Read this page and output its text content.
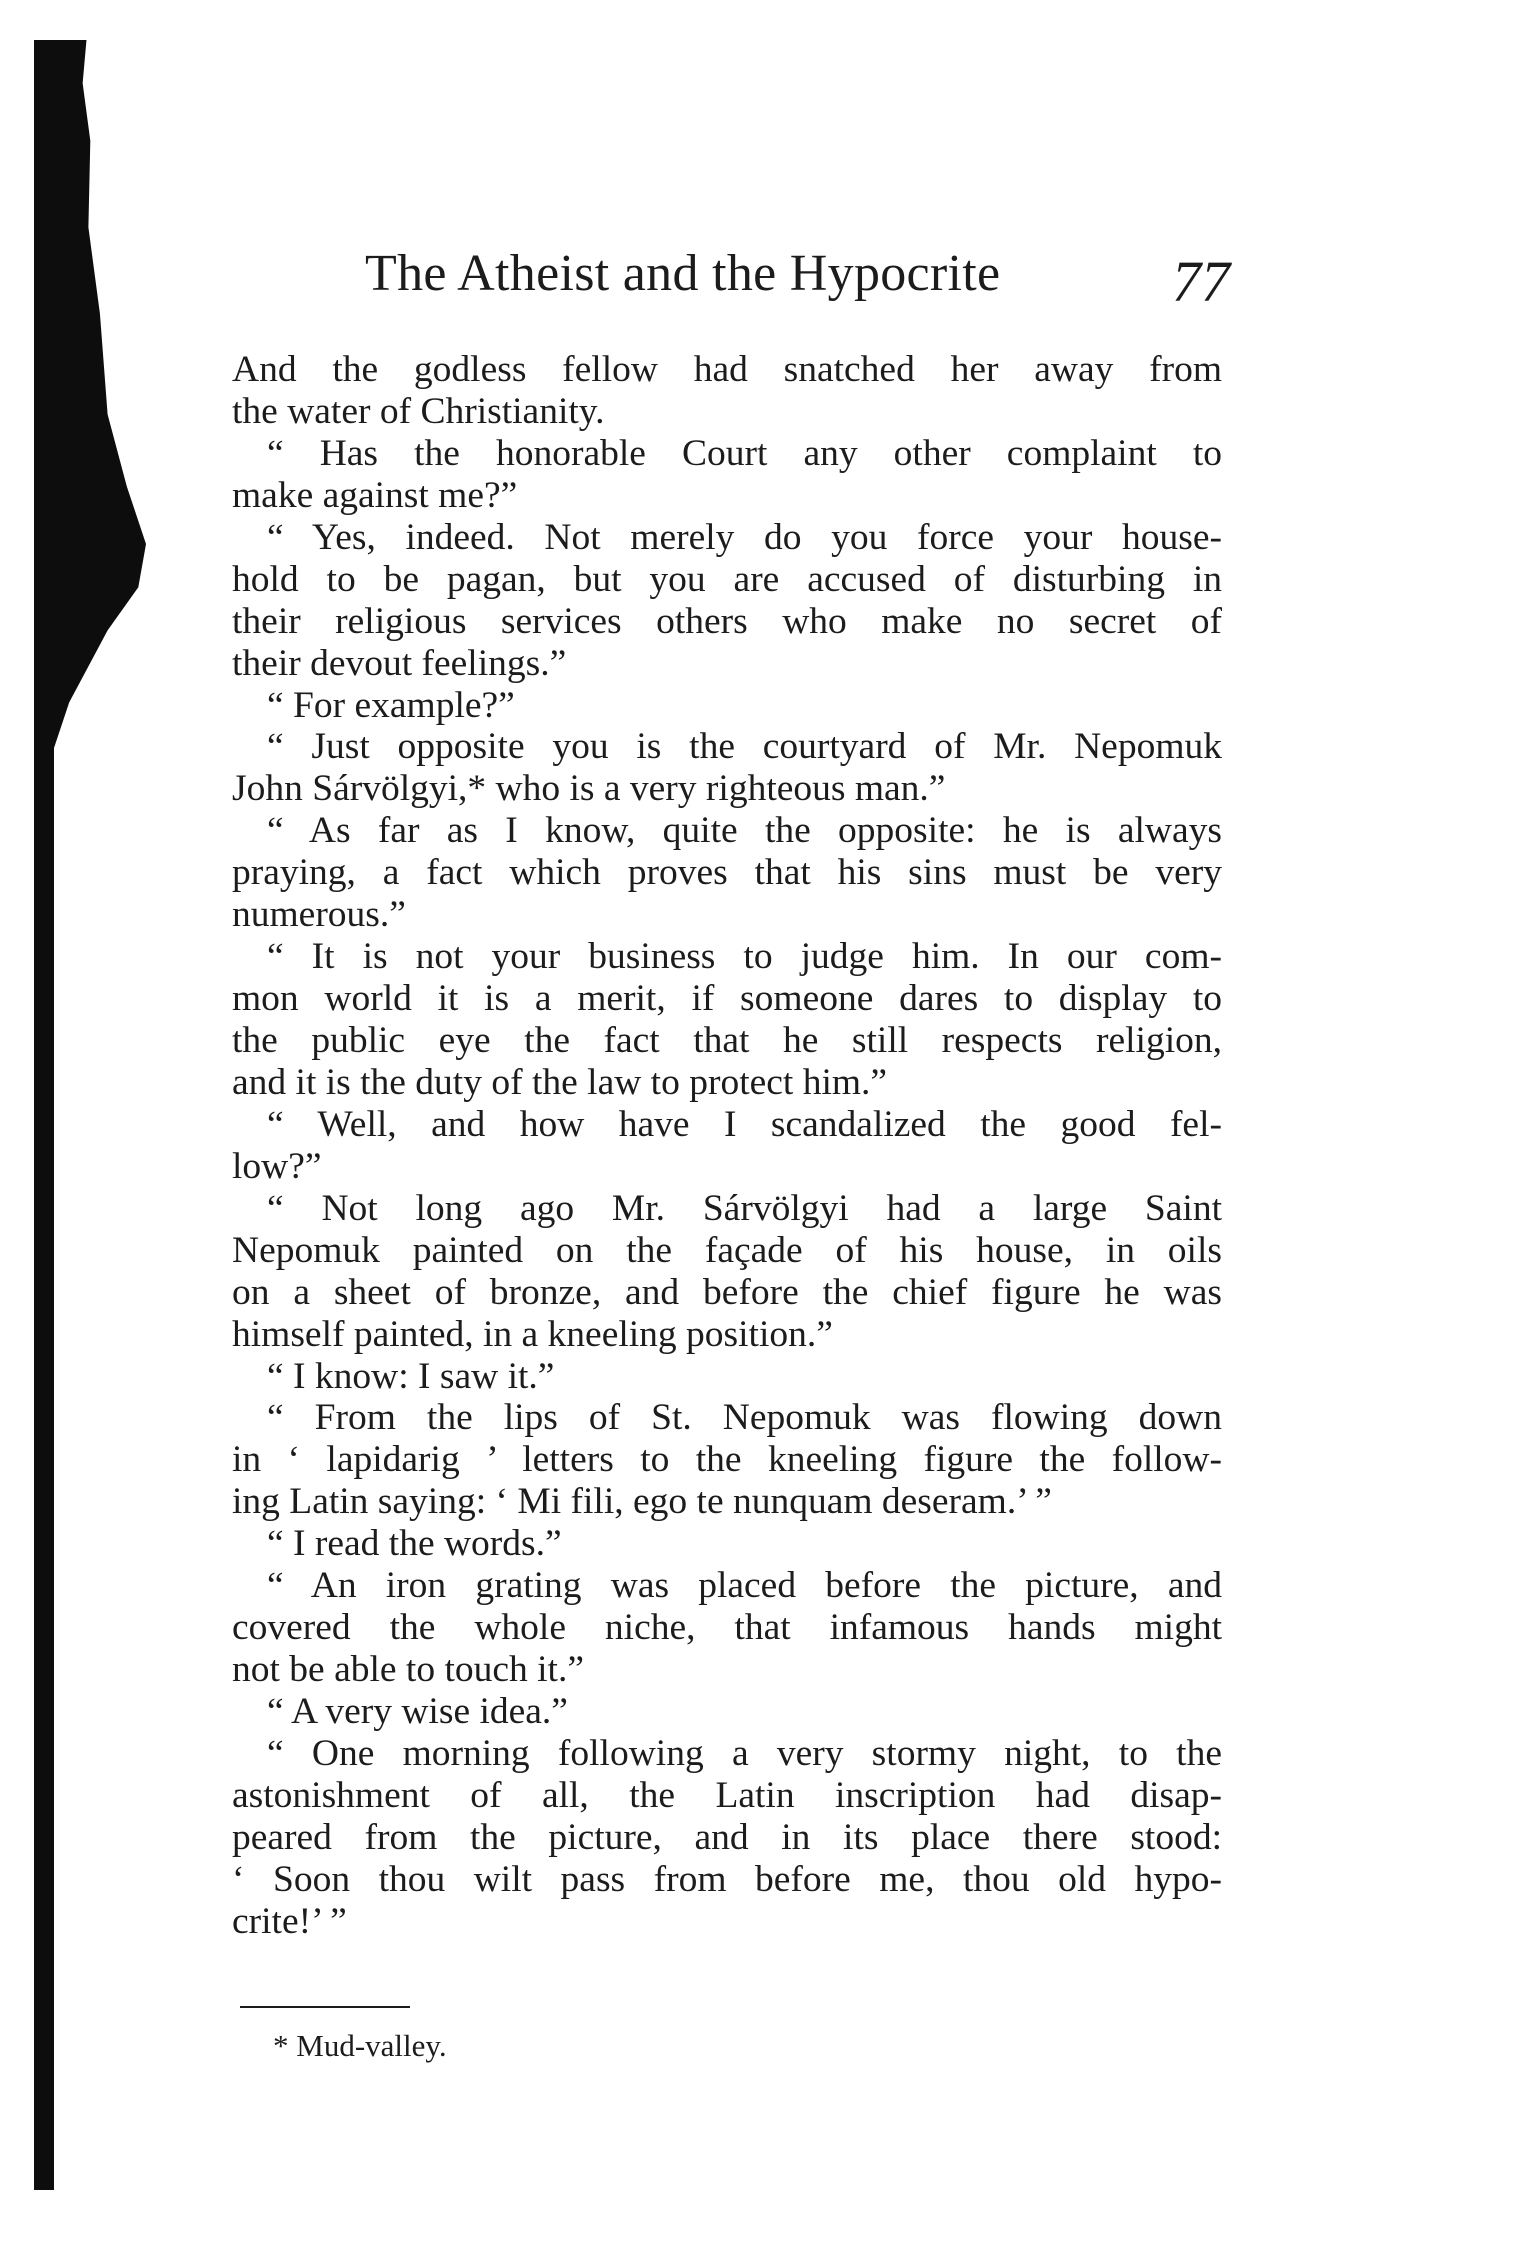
The Atheist and the Hypocrite	77
And the godless fellow had snatched her away from
the water of Christianity.
“ Has the honorable Court any other complaint to
make against me?”
“ Yes, indeed. Not merely do you force your house-
hold to be pagan, but you are accused of disturbing in
their religious services others who make no secret of
their devout feelings.”
“ For example?”
“ Just opposite you is the courtyard of Mr. Nepomuk
John Sárvölgyi,* who is a very righteous man.”
“ As far as I know, quite the opposite: he is always
praying, a fact which proves that his sins must be very
numerous.”
“ It is not your business to judge him. In our com-
mon world it is a merit, if someone dares to display to
the public eye the fact that he still respects religion,
and it is the duty of the law to protect him.”
“ Well, and how have I scandalized the good fel-
low?”
“ Not long ago Mr. Sárvölgyi had a large Saint
Nepomuk painted on the façade of his house, in oils
on a sheet of bronze, and before the chief figure he was
himself painted, in a kneeling position.”
“ I know: I saw it.”
“ From the lips of St. Nepomuk was flowing down
in ‘ lapidarig ’ letters to the kneeling figure the follow-
ing Latin saying: ‘ Mi fili, ego te nunquam deseram.’ ”
“ I read the words.”
“ An iron grating was placed before the picture, and
covered the whole niche, that infamous hands might
not be able to touch it.”
“ A very wise idea.”
“ One morning following a very stormy night, to the
astonishment of all, the Latin inscription had disap-
peared from the picture, and in its place there stood:
‘ Soon thou wilt pass from before me, thou old hypo-
crite!’ ”
* Mud-valley.
